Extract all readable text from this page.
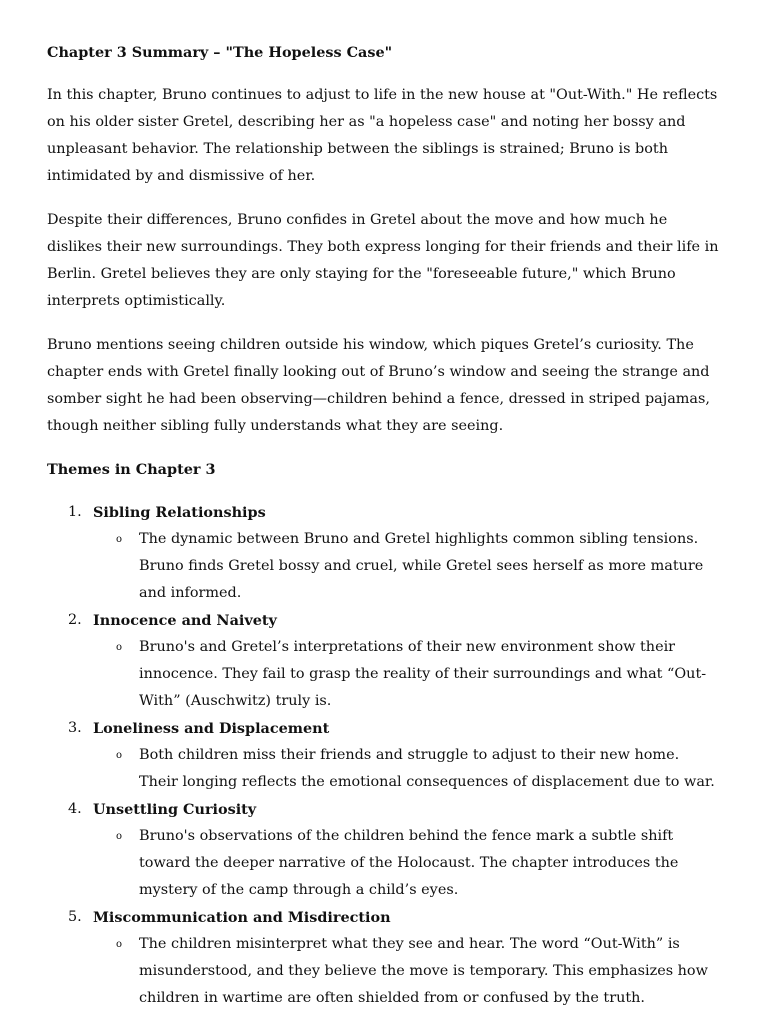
Chapter 3 Summary – "The Hopeless Case"

In this chapter, Bruno continues to adjust to life in the new house at "Out-With." He reflects on his older sister Gretel, describing her as "a hopeless case" and noting her bossy and unpleasant behavior. The relationship between the siblings is strained; Bruno is both intimidated by and dismissive of her.

Despite their differences, Bruno confides in Gretel about the move and how much he dislikes their new surroundings. They both express longing for their friends and their life in Berlin. Gretel believes they are only staying for the "foreseeable future," which Bruno interprets optimistically.

Bruno mentions seeing children outside his window, which piques Gretel’s curiosity. The chapter ends with Gretel finally looking out of Bruno’s window and seeing the strange and somber sight he had been observing—children behind a fence, dressed in striped pajamas, though neither sibling fully understands what they are seeing.

Themes in Chapter 3
1. Sibling Relationships
o The dynamic between Bruno and Gretel highlights common sibling tensions. Bruno finds Gretel bossy and cruel, while Gretel sees herself as more mature and informed.
2. Innocence and Naivety
o Bruno's and Gretel’s interpretations of their new environment show their innocence. They fail to grasp the reality of their surroundings and what “Out-With” (Auschwitz) truly is.
3. Loneliness and Displacement
o Both children miss their friends and struggle to adjust to their new home. Their longing reflects the emotional consequences of displacement due to war.
4. Unsettling Curiosity
o Bruno's observations of the children behind the fence mark a subtle shift toward the deeper narrative of the Holocaust. The chapter introduces the mystery of the camp through a child’s eyes.
5. Miscommunication and Misdirection
o The children misinterpret what they see and hear. The word “Out-With” is misunderstood, and they believe the move is temporary. This emphasizes how children in wartime are often shielded from or confused by the truth.
